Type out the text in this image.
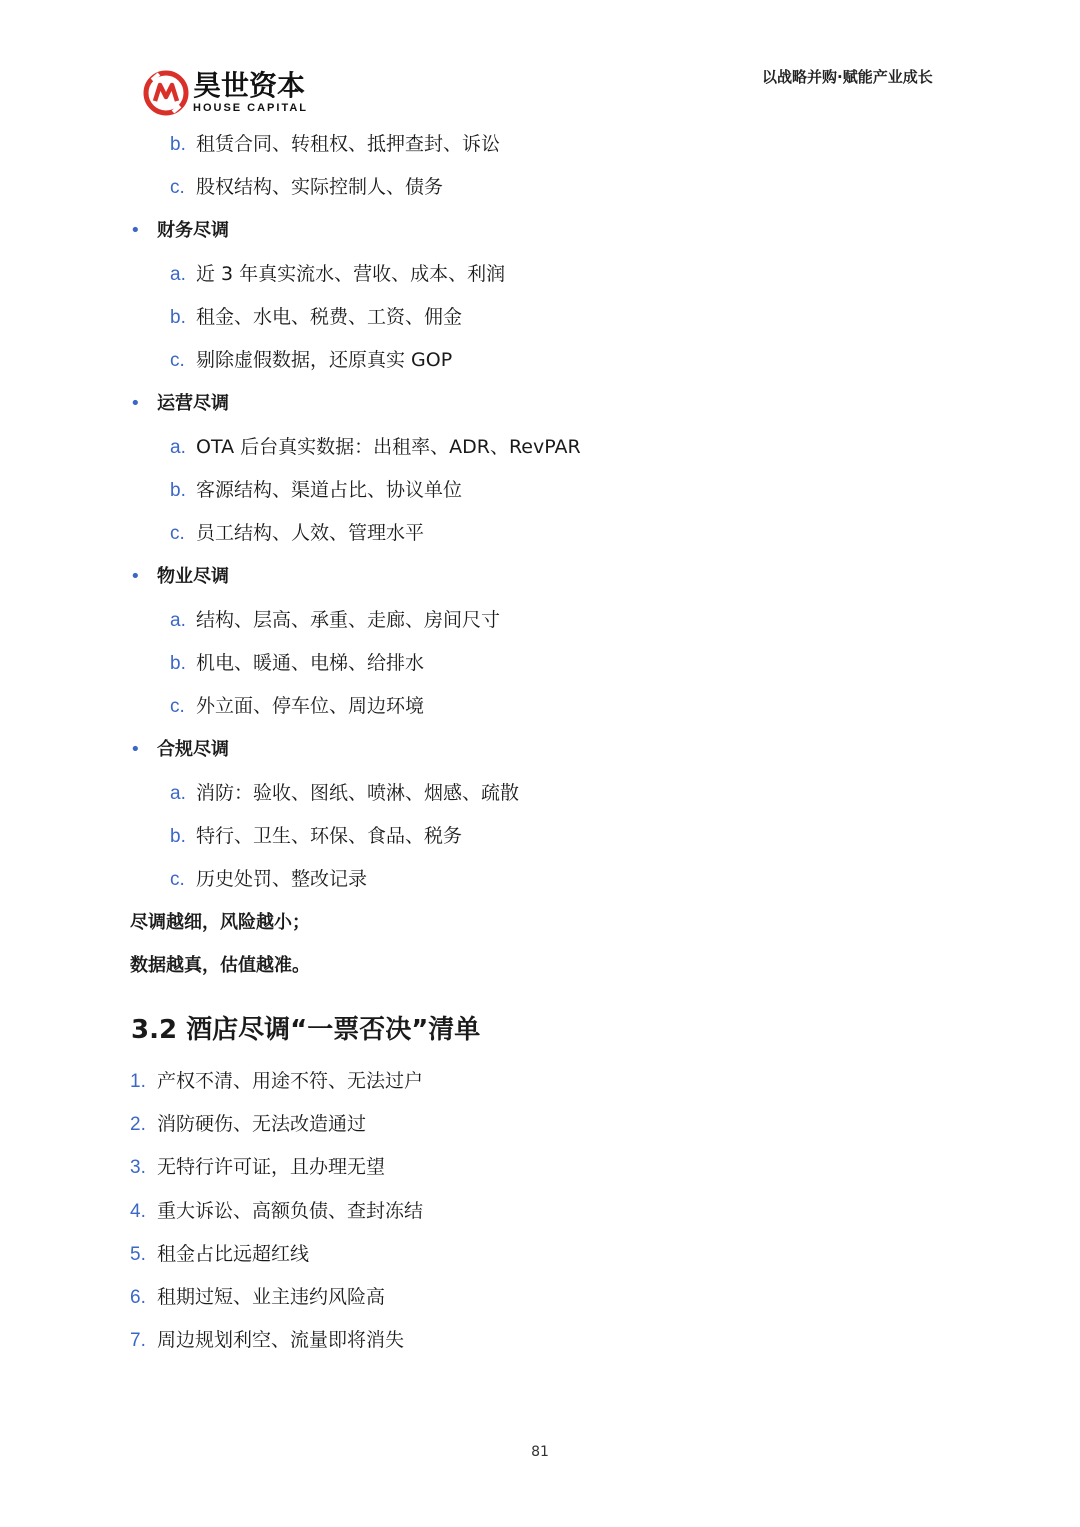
昊世资本
HOUSE CAPITAL
以战略并购·赋能产业成长
b. 租赁合同、转租权、抵押查封、诉讼
c. 股权结构、实际控制人、债务
• 财务尽调
a. 近 3 年真实流水、营收、成本、利润
b. 租金、水电、税费、工资、佣金
c. 剔除虚假数据，还原真实 GOP
• 运营尽调
a. OTA 后台真实数据：出租率、ADR、RevPAR
b. 客源结构、渠道占比、协议单位
c. 员工结构、人效、管理水平
• 物业尽调
a. 结构、层高、承重、走廊、房间尺寸
b. 机电、暖通、电梯、给排水
c. 外立面、停车位、周边环境
• 合规尽调
a. 消防：验收、图纸、喷淋、烟感、疏散
b. 特行、卫生、环保、食品、税务
c. 历史处罚、整改记录
尽调越细，风险越小；
数据越真，估值越准。
3.2 酒店尽调“一票否决”清单
1. 产权不清、用途不符、无法过户
2. 消防硬伤、无法改造通过
3. 无特行许可证，且办理无望
4. 重大诉讼、高额负债、查封冻结
5. 租金占比远超红线
6. 租期过短、业主违约风险高
7. 周边规划利空、流量即将消失
81
